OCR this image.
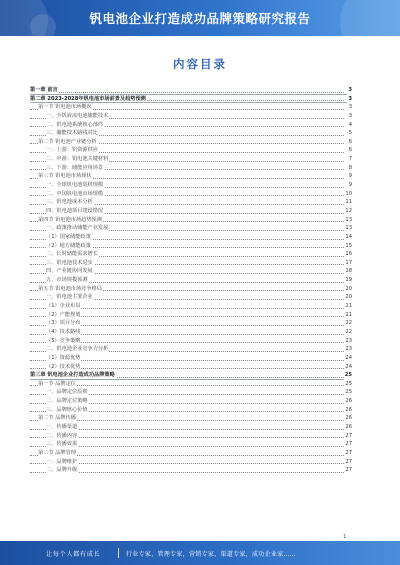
钒电池企业打造成功品牌策略研究报告
内容目录
第一章 前言	3
第二章 2023-2028年钒电池市场前景及趋势预测	3
第一节 钒电池市场概况	3
一、全钒液流电池储能技术	3
二、钒电池系统核心部件	4
三、储能技术路线对比	5
第二节 钒电池产业链分析	6
一、上游：钒资源供应	6
二、中游：钒电池关键材料	7
三、下游：储能应用场景	8
第三节 钒电池市场现状	9
一、全球钒电池装机规模	9
二、中国钒电池市场规模	10
三、钒电池成本分析	11
四、钒电池项目建设情况	12
第四节 钒电池市场趋势预测	13
一、政策推动储能产业发展	13
（1）国家储能政策	14
（2）地方储能政策	15
二、长时储能需求增长	16
三、钒电池技术进步	17
四、产业链协同发展	18
五、市场规模预测	19
第五节 钒电池市场竞争格局	20
一、钒电池主要企业	20
（1）企业布局	21
（2）产能规划	21
（3）项目分布	22
（4）技术路线	22
（5）竞争策略	23
二、钒电池企业竞争力分析	23
（1）资源优势	24
（2）技术优势	24
第三章 钒电池企业打造成功品牌策略	25
第一节 品牌定位	25
一、品牌定位原则	25
二、品牌定位策略	26
三、品牌核心价值	26
第二节 品牌传播	26
一、传播渠道	26
二、传播内容	27
三、传播效果	27
第三节 品牌管理	27
一、品牌维护	27
二、品牌升级	27
1
让每个人都有成长	行业专家，管理专家，营销专家，渠道专家，成功企业家……
